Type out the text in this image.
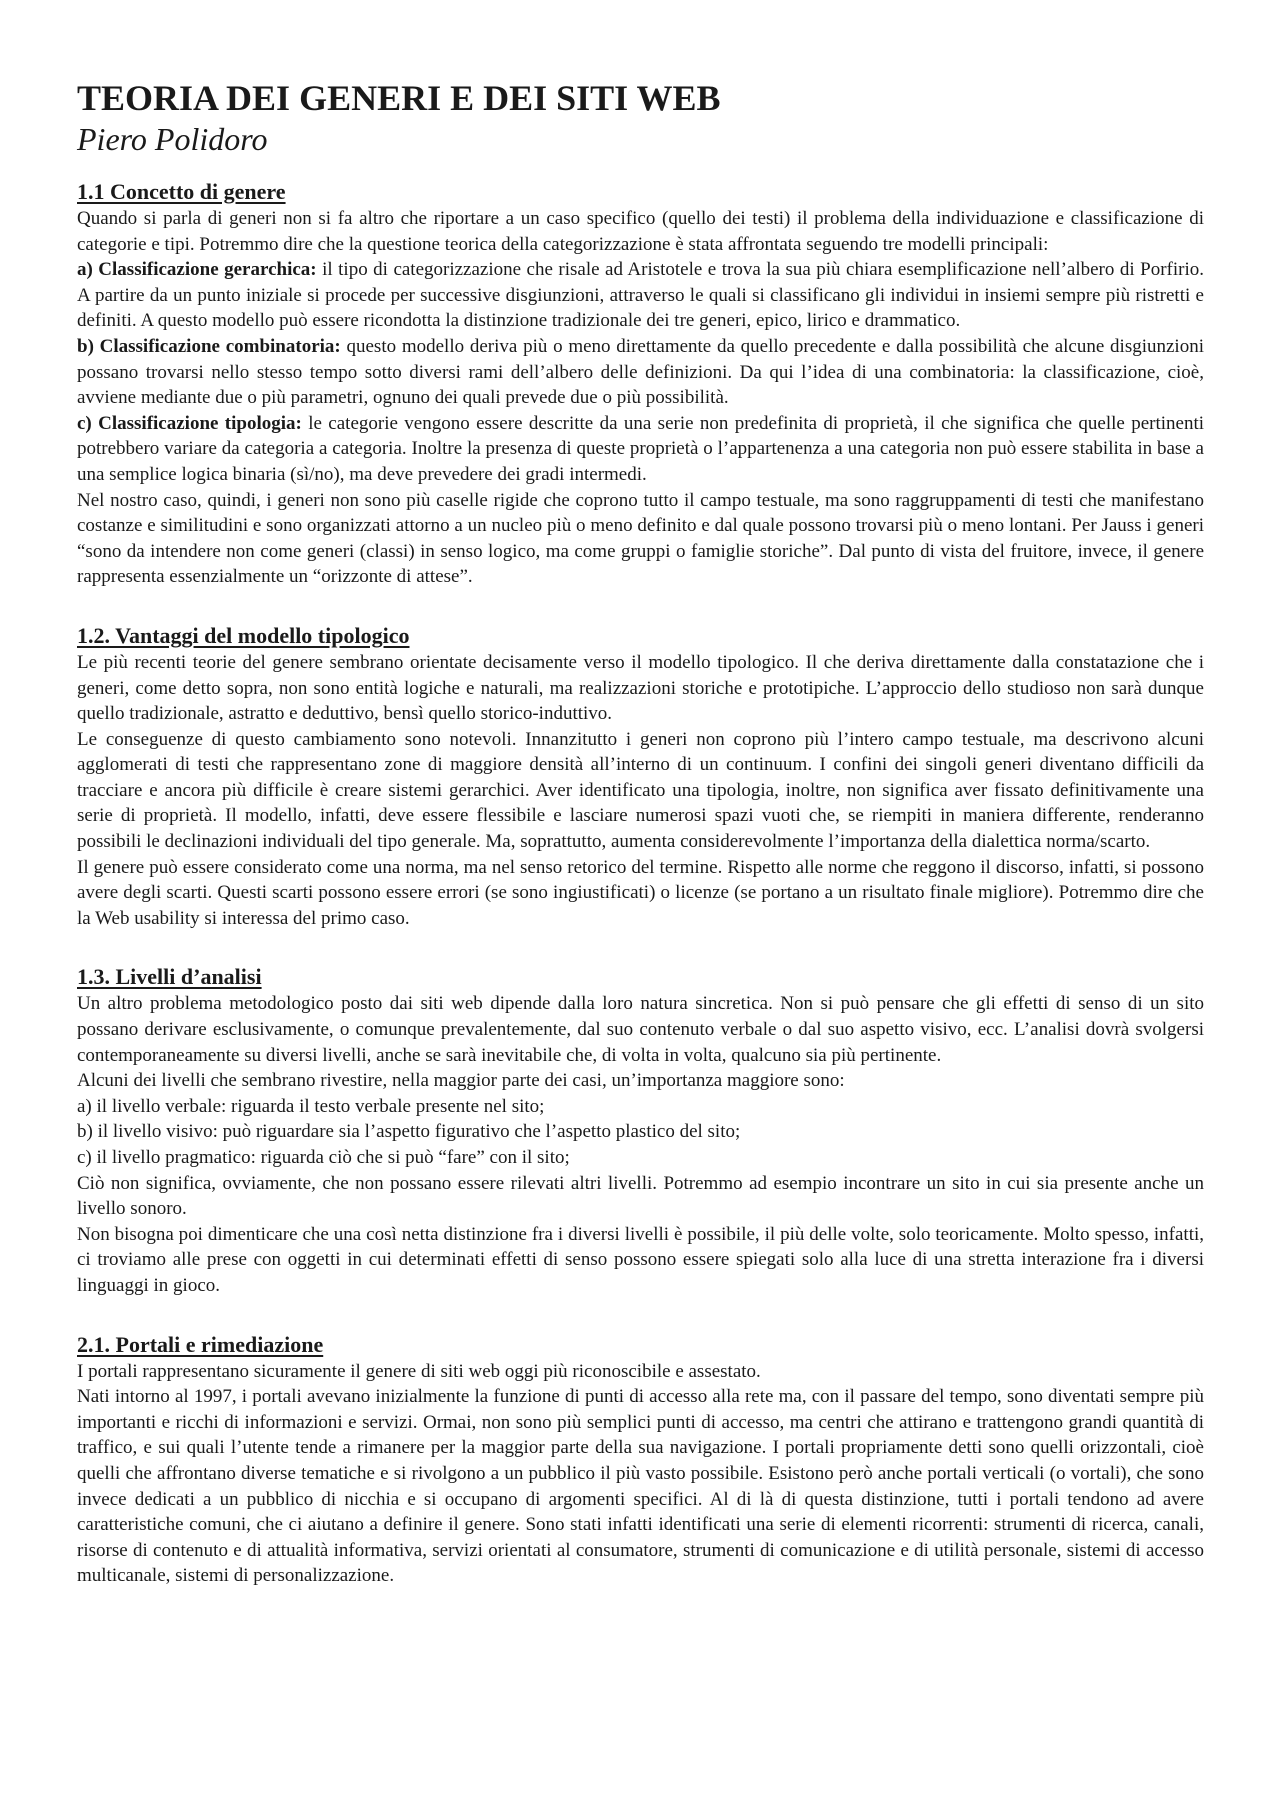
TEORIA DEI GENERI E DEI SITI WEB
Piero Polidoro
1.1 Concetto di genere

Quando si parla di generi non si fa altro che riportare a un caso specifico (quello dei testi) il problema della individuazione e classificazione di categorie e tipi. Potremmo dire che la questione teorica della categorizzazione è stata affrontata seguendo tre modelli principali:

a) Classificazione gerarchica: il tipo di categorizzazione che risale ad Aristotele e trova la sua più chiara esemplificazione nell’albero di Porfirio. A partire da un punto iniziale si procede per successive disgiunzioni, attraverso le quali si classificano gli individui in insiemi sempre più ristretti e definiti. A questo modello può essere ricondotta la distinzione tradizionale dei tre generi, epico, lirico e drammatico.

b) Classificazione combinatoria: questo modello deriva più o meno direttamente da quello precedente e dalla possibilità che alcune disgiunzioni possano trovarsi nello stesso tempo sotto diversi rami dell’albero delle definizioni. Da qui l’idea di una combinatoria: la classificazione, cioè, avviene mediante due o più parametri, ognuno dei quali prevede due o più possibilità.

c) Classificazione tipologia: le categorie vengono essere descritte da una serie non predefinita di proprietà, il che significa che quelle pertinenti potrebbero variare da categoria a categoria. Inoltre la presenza di queste proprietà o l’appartenenza a una categoria non può essere stabilita in base a una semplice logica binaria (sì/no), ma deve prevedere dei gradi intermedi.

Nel nostro caso, quindi, i generi non sono più caselle rigide che coprono tutto il campo testuale, ma sono raggruppamenti di testi che manifestano costanze e similitudini e sono organizzati attorno a un nucleo più o meno definito e dal quale possono trovarsi più o meno lontani. Per Jauss i generi “sono da intendere non come generi (classi) in senso logico, ma come gruppi o famiglie storiche”. Dal punto di vista del fruitore, invece, il genere rappresenta essenzialmente un “orizzonte di attese”.

1.2. Vantaggi del modello tipologico

Le più recenti teorie del genere sembrano orientate decisamente verso il modello tipologico. Il che deriva direttamente dalla constatazione che i generi, come detto sopra, non sono entità logiche e naturali, ma realizzazioni storiche e prototipiche. L’approccio dello studioso non sarà dunque quello tradizionale, astratto e deduttivo, bensì quello storico-induttivo.

Le conseguenze di questo cambiamento sono notevoli. Innanzitutto i generi non coprono più l’intero campo testuale, ma descrivono alcuni agglomerati di testi che rappresentano zone di maggiore densità all’interno di un continuum. I confini dei singoli generi diventano difficili da tracciare e ancora più difficile è creare sistemi gerarchici. Aver identificato una tipologia, inoltre, non significa aver fissato definitivamente una serie di proprietà. Il modello, infatti, deve essere flessibile e lasciare numerosi spazi vuoti che, se riempiti in maniera differente, renderanno possibili le declinazioni individuali del tipo generale. Ma, soprattutto, aumenta considerevolmente l’importanza della dialettica norma/scarto.

Il genere può essere considerato come una norma, ma nel senso retorico del termine. Rispetto alle norme che reggono il discorso, infatti, si possono avere degli scarti. Questi scarti possono essere errori (se sono ingiustificati) o licenze (se portano a un risultato finale migliore). Potremmo dire che la Web usability si interessa del primo caso.

1.3. Livelli d’analisi

Un altro problema metodologico posto dai siti web dipende dalla loro natura sincretica. Non si può pensare che gli effetti di senso di un sito possano derivare esclusivamente, o comunque prevalentemente, dal suo contenuto verbale o dal suo aspetto visivo, ecc. L’analisi dovrà svolgersi contemporaneamente su diversi livelli, anche se sarà inevitabile che, di volta in volta, qualcuno sia più pertinente.

Alcuni dei livelli che sembrano rivestire, nella maggior parte dei casi, un’importanza maggiore sono:

a) il livello verbale: riguarda il testo verbale presente nel sito;

b) il livello visivo: può riguardare sia l’aspetto figurativo che l’aspetto plastico del sito;

c) il livello pragmatico: riguarda ciò che si può “fare” con il sito;

Ciò non significa, ovviamente, che non possano essere rilevati altri livelli. Potremmo ad esempio incontrare un sito in cui sia presente anche un livello sonoro.

Non bisogna poi dimenticare che una così netta distinzione fra i diversi livelli è possibile, il più delle volte, solo teoricamente. Molto spesso, infatti, ci troviamo alle prese con oggetti in cui determinati effetti di senso possono essere spiegati solo alla luce di una stretta interazione fra i diversi linguaggi in gioco.

2.1. Portali e rimediazione

I portali rappresentano sicuramente il genere di siti web oggi più riconoscibile e assestato.

Nati intorno al 1997, i portali avevano inizialmente la funzione di punti di accesso alla rete ma, con il passare del tempo, sono diventati sempre più importanti e ricchi di informazioni e servizi. Ormai, non sono più semplici punti di accesso, ma centri che attirano e trattengono grandi quantità di traffico, e sui quali l’utente tende a rimanere per la maggior parte della sua navigazione. I portali propriamente detti sono quelli orizzontali, cioè quelli che affrontano diverse tematiche e si rivolgono a un pubblico il più vasto possibile. Esistono però anche portali verticali (o vortali), che sono invece dedicati a un pubblico di nicchia e si occupano di argomenti specifici. Al di là di questa distinzione, tutti i portali tendono ad avere caratteristiche comuni, che ci aiutano a definire il genere. Sono stati infatti identificati una serie di elementi ricorrenti: strumenti di ricerca, canali, risorse di contenuto e di attualità informativa, servizi orientati al consumatore, strumenti di comunicazione e di utilità personale, sistemi di accesso multicanale, sistemi di personalizzazione.
